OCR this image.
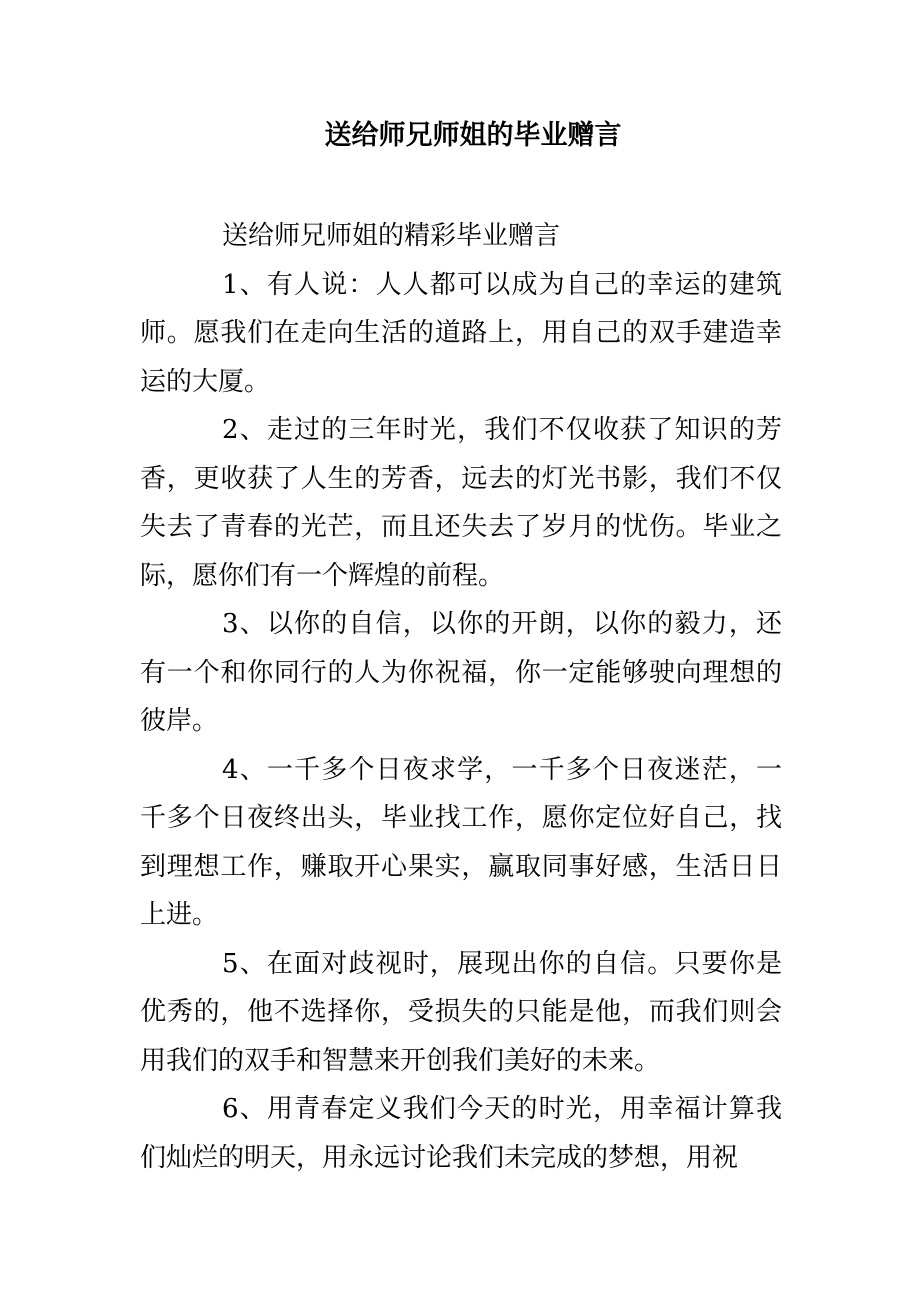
送给师兄师姐的毕业赠言

送给师兄师姐的精彩毕业赠言

1、有人说：人人都可以成为自己的幸运的建筑师。愿我们在走向生活的道路上，用自己的双手建造幸运的大厦。

2、走过的三年时光，我们不仅收获了知识的芳香，更收获了人生的芳香，远去的灯光书影，我们不仅失去了青春的光芒，而且还失去了岁月的忧伤。毕业之际，愿你们有一个辉煌的前程。

3、以你的自信，以你的开朗，以你的毅力，还有一个和你同行的人为你祝福，你一定能够驶向理想的彼岸。

4、一千多个日夜求学，一千多个日夜迷茫，一千多个日夜终出头，毕业找工作，愿你定位好自己，找到理想工作，赚取开心果实，赢取同事好感，生活日日上进。

5、在面对歧视时，展现出你的自信。只要你是优秀的，他不选择你，受损失的只能是他，而我们则会用我们的双手和智慧来开创我们美好的未来。

6、用青春定义我们今天的时光，用幸福计算我们灿烂的明天，用永远讨论我们未完成的梦想，用祝
